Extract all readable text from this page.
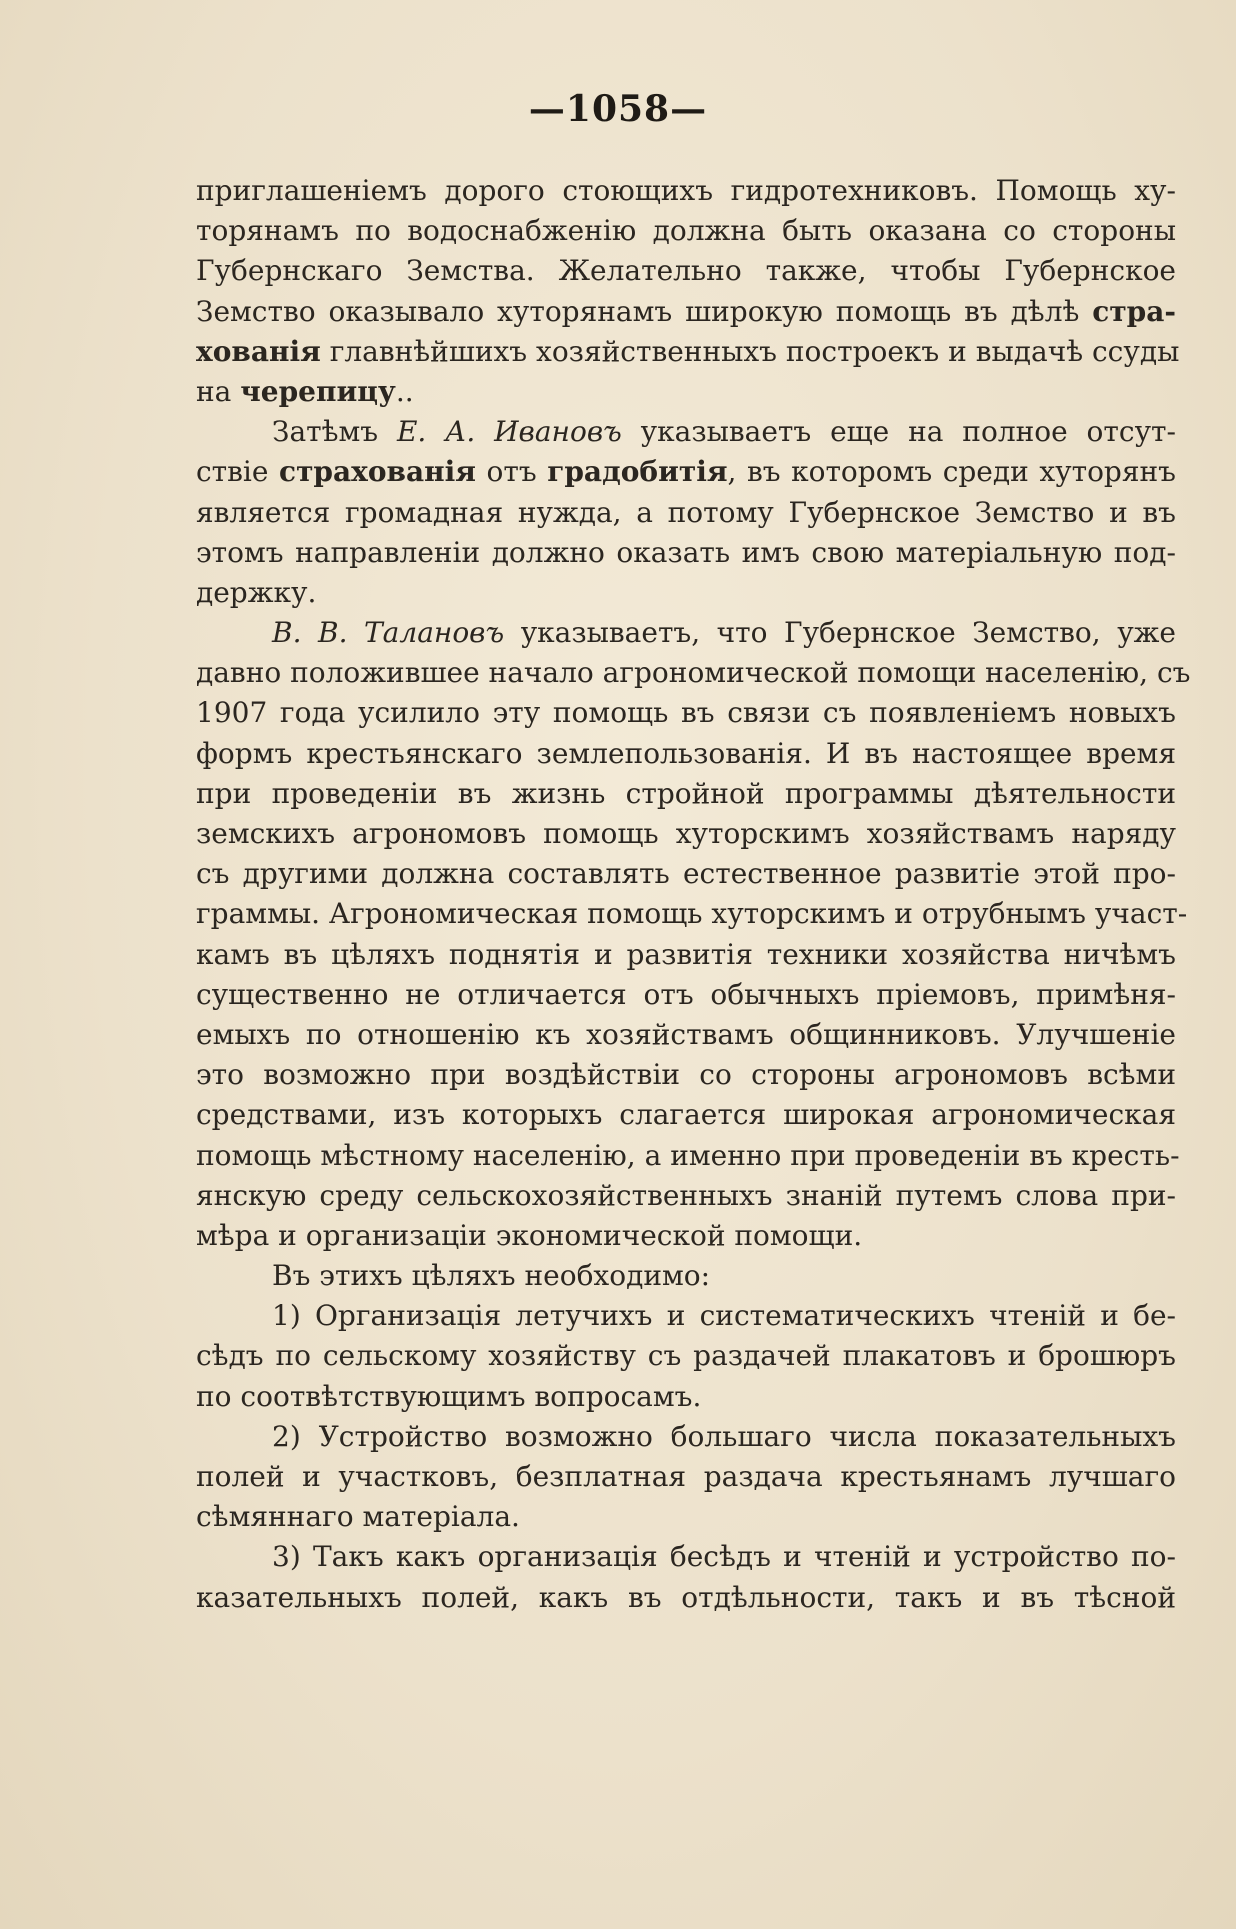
—1058—
приглашеніемъ дорого стоющихъ гидротехниковъ. Помощь ху-
торянамъ по водоснабженію должна быть оказана со стороны
Губернскаго Земства. Желательно также, чтобы Губернское
Земство оказывало хуторянамъ широкую помощь въ дѣлѣ стра-
хованія главнѣйшихъ хозяйственныхъ построекъ и выдачѣ ссуды
на черепицу..
Затѣмъ Е. А. Ивановъ указываетъ еще на полное отсут-
ствіе страхованія отъ градобитія, въ которомъ среди хуторянъ
является громадная нужда, а потому Губернское Земство и въ
этомъ направленіи должно оказать имъ свою матеріальную под-
держку.
В. В. Талановъ указываетъ, что Губернское Земство, уже
давно положившее начало агрономической помощи населенію, съ
1907 года усилило эту помощь въ связи съ появленіемъ новыхъ
формъ крестьянскаго землепользованія. И въ настоящее время
при проведеніи въ жизнь стройной программы дѣятельности
земскихъ агрономовъ помощь хуторскимъ хозяйствамъ наряду
съ другими должна составлять естественное развитіе этой про-
граммы. Агрономическая помощь хуторскимъ и отрубнымъ участ-
камъ въ цѣляхъ поднятія и развитія техники хозяйства ничѣмъ
существенно не отличается отъ обычныхъ пріемовъ, примѣня-
емыхъ по отношенію къ хозяйствамъ общинниковъ. Улучшеніе
это возможно при воздѣйствіи со стороны агрономовъ всѣми
средствами, изъ которыхъ слагается широкая агрономическая
помощь мѣстному населенію, а именно при проведеніи въ кресть-
янскую среду сельскохозяйственныхъ знаній путемъ слова при-
мѣра и организаціи экономической помощи.
Въ этихъ цѣляхъ необходимо:
1) Организація летучихъ и систематическихъ чтеній и бе-
сѣдъ по сельскому хозяйству съ раздачей плакатовъ и брошюръ
по соотвѣтствующимъ вопросамъ.
2) Устройство возможно большаго числа показательныхъ
полей и участковъ, безплатная раздача крестьянамъ лучшаго
сѣмяннаго матеріала.
3) Такъ какъ организація бесѣдъ и чтеній и устройство по-
казательныхъ полей, какъ въ отдѣльности, такъ и въ тѣсной
